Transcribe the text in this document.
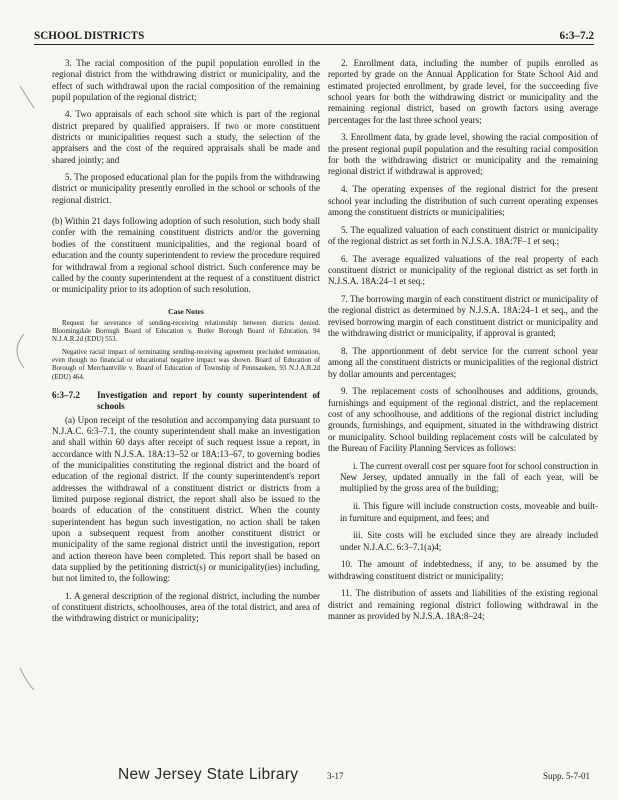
SCHOOL DISTRICTS	6:3–7.2

3. The racial composition of the pupil population enrolled in the regional district from the withdrawing district or municipality, and the effect of such withdrawal upon the racial composition of the remaining pupil population of the regional district;

4. Two appraisals of each school site which is part of the regional district prepared by qualified appraisers. If two or more constituent districts or municipalities request such a study, the selection of the appraisers and the cost of the required appraisals shall be made and shared jointly; and

5. The proposed educational plan for the pupils from the withdrawing district or municipality presently enrolled in the school or schools of the regional district.

(b) Within 21 days following adoption of such resolution, such body shall confer with the remaining constituent districts and/or the governing bodies of the constituent municipalities, and the regional board of education and the county superintendent to review the procedure required for withdrawal from a regional school district. Such conference may be called by the county superintendent at the request of a constituent district or municipality prior to its adoption of such resolution.

Case Notes
Request for severance of sending-receiving relationship between districts denied. Bloomingdale Borough Board of Education v. Butler Borough Board of Education, 94 N.J.A.R.2d (EDU) 553.
Negative racial impact of terminating sending-receiving agreement precluded termination, even though no financial or educational negative impact was shown. Board of Education of Borough of Merchantville v. Board of Education of Township of Pennsauken, 93 N.J.A.R.2d (EDU) 464.
6:3–7.2 Investigation and report by county superintendent of schools

(a) Upon receipt of the resolution and accompanying data pursuant to N.J.A.C. 6:3–7.1, the county superintendent shall make an investigation and shall within 60 days after receipt of such request issue a report, in accordance with N.J.S.A. 18A:13–52 or 18A:13–67, to governing bodies of the municipalities constituting the regional district and the board of education of the regional district. If the county superintendent's report addresses the withdrawal of a constituent district or districts from a limited purpose regional district, the report shall also be issued to the boards of education of the constituent district. When the county superintendent has begun such investigation, no action shall be taken upon a subsequent request from another constituent district or municipality of the same regional district until the investigation, report and action thereon have been completed. This report shall be based on data supplied by the petitioning district(s) or municipality(ies) including, but not limited to, the following:

1. A general description of the regional district, including the number of constituent districts, schoolhouses, area of the total district, and area of the withdrawing district or municipality;

2. Enrollment data, including the number of pupils enrolled as reported by grade on the Annual Application for State School Aid and estimated projected enrollment, by grade level, for the succeeding five school years for both the withdrawing district or municipality and the remaining regional district, based on growth factors using average percentages for the last three school years;

3. Enrollment data, by grade level, showing the racial composition of the present regional pupil population and the resulting racial composition for both the withdrawing district or municipality and the remaining regional district if withdrawal is approved;

4. The operating expenses of the regional district for the present school year including the distribution of such current operating expenses among the constituent districts or municipalities;

5. The equalized valuation of each constituent district or municipality of the regional district as set forth in N.J.S.A. 18A:7F–1 et seq.;

6. The average equalized valuations of the real property of each constituent district or municipality of the regional district as set forth in N.J.S.A. 18A:24–1 et seq.;

7. The borrowing margin of each constituent district or municipality of the regional district as determined by N.J.S.A. 18A:24–1 et seq., and the revised borrowing margin of each constituent district or municipality and the withdrawing district or municipality, if approval is granted;

8. The apportionment of debt service for the current school year among all the constituent districts or municipalities of the regional district by dollar amounts and percentages;

9. The replacement costs of schoolhouses and additions, grounds, furnishings and equipment of the regional district, and the replacement cost of any schoolhouse, and additions of the regional district including grounds, furnishings, and equipment, situated in the withdrawing district or municipality. School building replacement costs will be calculated by the Bureau of Facility Planning Services as follows:

i. The current overall cost per square foot for school construction in New Jersey, updated annually in the fall of each year, will be multiplied by the gross area of the building;

ii. This figure will include construction costs, moveable and built-in furniture and equipment, and fees; and

iii. Site costs will be excluded since they are already included under N.J.A.C. 6:3–7.1(a)4;

10. The amount of indebtedness, if any, to be assumed by the withdrawing constituent district or municipality;

11. The distribution of assets and liabilities of the existing regional district and remaining regional district following withdrawal in the manner as provided by N.J.S.A. 18A:8–24;

New Jersey State Library	3-17	Supp. 5-7-01
